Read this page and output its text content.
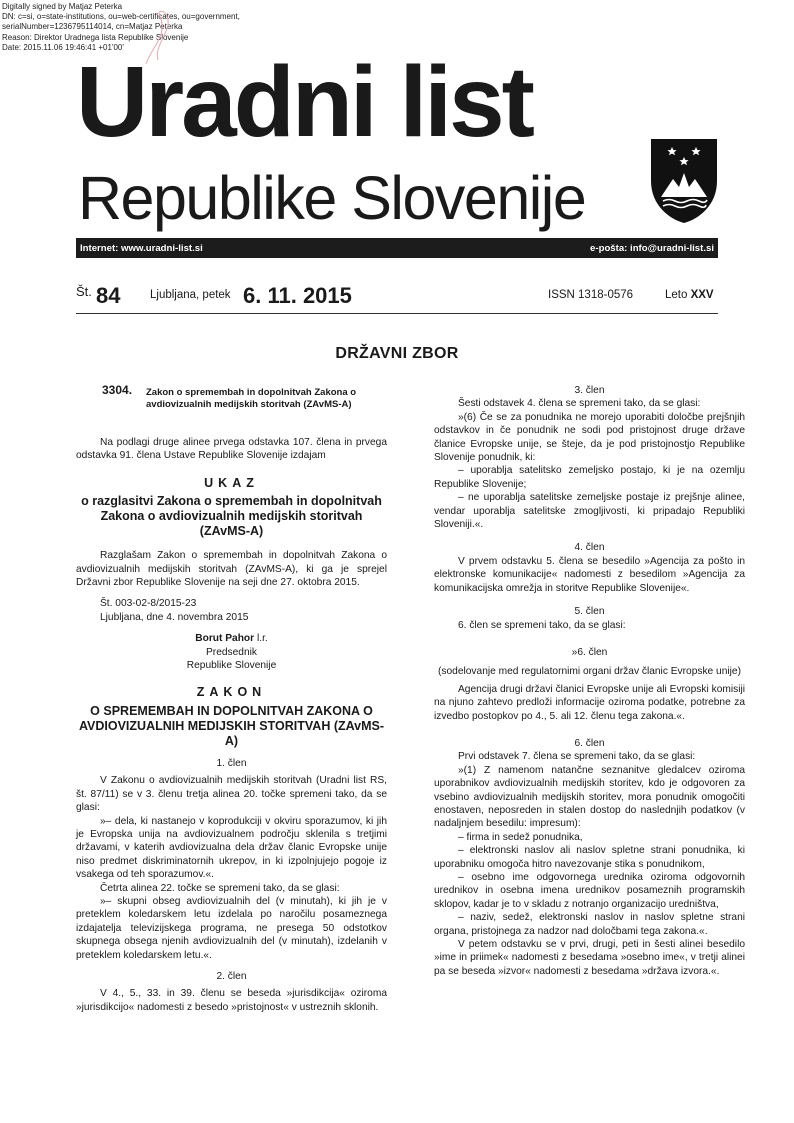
Digitally signed by Matjaz Peterka
DN: c=si, o=state-institutions, ou=web-certificates, ou=government,
serialNumber=1236795114014, cn=Matjaz Peterka
Reason: Direktor Uradnega lista Republike Slovenije
Date: 2015.11.06 19:46:41 +01'00'
Uradni list
Republike Slovenije
Internet: www.uradni-list.si	e-pošta: info@uradni-list.si
Št. 84	Ljubljana, petek 6. 11. 2015	ISSN 1318-0576	Leto XXV
DRŽAVNI ZBOR
3304. Zakon o spremembah in dopolnitvah Zakona o avdiovizualnih medijskih storitvah (ZAvMS-A)

Na podlagi druge alinee prvega odstavka 107. člena in prvega odstavka 91. člena Ustave Republike Slovenije izdajam

UKAZ

o razglasitvi Zakona o spremembah in dopolnitvah Zakona o avdiovizualnih medijskih storitvah (ZAvMS-A)

Razglašam Zakon o spremembah in dopolnitvah Zakona o avdiovizualnih medijskih storitvah (ZAvMS-A), ki ga je sprejel Državni zbor Republike Slovenije na seji dne 27. oktobra 2015.

Št. 003-02-8/2015-23

Ljubljana, dne 4. novembra 2015

Borut Pahor l.r.

Predsednik

Republike Slovenije

ZAKON

O SPREMEMBAH IN DOPOLNITVAH ZAKONA O AVDIOVIZUALNIH MEDIJSKIH STORITVAH (ZAvMS-A)

1. člen

V Zakonu o avdiovizualnih medijskih storitvah (Uradni list RS, št. 87/11) se v 3. členu tretja alinea 20. točke spremeni tako, da se glasi:

»– dela, ki nastanejo v koprodukciji v okviru sporazumov, ki jih je Evropska unija na avdiovizualnem področju sklenila s tretjimi državami, v katerih avdiovizualna dela držav članic Evropske unije niso predmet diskriminatornih ukrepov, in ki izpolnjujejo pogoje iz vsakega od teh sporazumov.«.

Četrta alinea 22. točke se spremeni tako, da se glasi:

»– skupni obseg avdiovizualnih del (v minutah), ki jih je v preteklem koledarskem letu izdelala po naročilu posameznega izdajatelja televizijskega programa, ne presega 50 odstotkov skupnega obsega njenih avdiovizualnih del (v minutah), izdelanih v preteklem koledarskem letu.«.

2. člen

V 4., 5., 33. in 39. členu se beseda »jurisdikcija« oziroma »jurisdikcijo« nadomesti z besedo »pristojnost« v ustreznih sklonih.

3. člen

Šesti odstavek 4. člena se spremeni tako, da se glasi:

»(6) Če se za ponudnika ne morejo uporabiti določbe prejšnjih odstavkov in če ponudnik ne sodi pod pristojnost druge države članice Evropske unije, se šteje, da je pod pristojnostjo Republike Slovenije ponudnik, ki:

– uporablja satelitsko zemeljsko postajo, ki je na ozemlju Republike Slovenije;

– ne uporablja satelitske zemeljske postaje iz prejšnje alinee, vendar uporablja satelitske zmogljivosti, ki pripadajo Republiki Sloveniji.«.

4. člen

V prvem odstavku 5. člena se besedilo »Agencija za pošto in elektronske komunikacije« nadomesti z besedilom »Agencija za komunikacijska omrežja in storitve Republike Slovenije«.

5. člen

6. člen se spremeni tako, da se glasi:

»6. člen

(sodelovanje med regulatornimi organi držav članic Evropske unije)

Agencija drugi državi članici Evropske unije ali Evropski komisiji na njuno zahtevo predloži informacije oziroma podatke, potrebne za izvedbo postopkov po 4., 5. ali 12. členu tega zakona.«.

6. člen

Prvi odstavek 7. člena se spremeni tako, da se glasi:

»(1) Z namenom natančne seznanitve gledalcev oziroma uporabnikov avdiovizualnih medijskih storitev, kdo je odgovoren za vsebino avdiovizualnih medijskih storitev, mora ponudnik omogočiti enostaven, neposreden in stalen dostop do naslednjih podatkov (v nadaljnjem besedilu: impresum):

– firma in sedež ponudnika,

– elektronski naslov ali naslov spletne strani ponudnika, ki uporabniku omogoča hitro navezovanje stika s ponudnikom,

– osebno ime odgovornega urednika oziroma odgovornih urednikov in osebna imena urednikov posameznih programskih sklopov, kadar je to v skladu z notranjo organizacijo uredništva,

– naziv, sedež, elektronski naslov in naslov spletne strani organa, pristojnega za nadzor nad določbami tega zakona.«.

V petem odstavku se v prvi, drugi, peti in šesti alinei besedilo »ime in priimek« nadomesti z besedama »osebno ime«, v tretji alinei pa se beseda »izvor« nadomesti z besedama »država izvora.«.
